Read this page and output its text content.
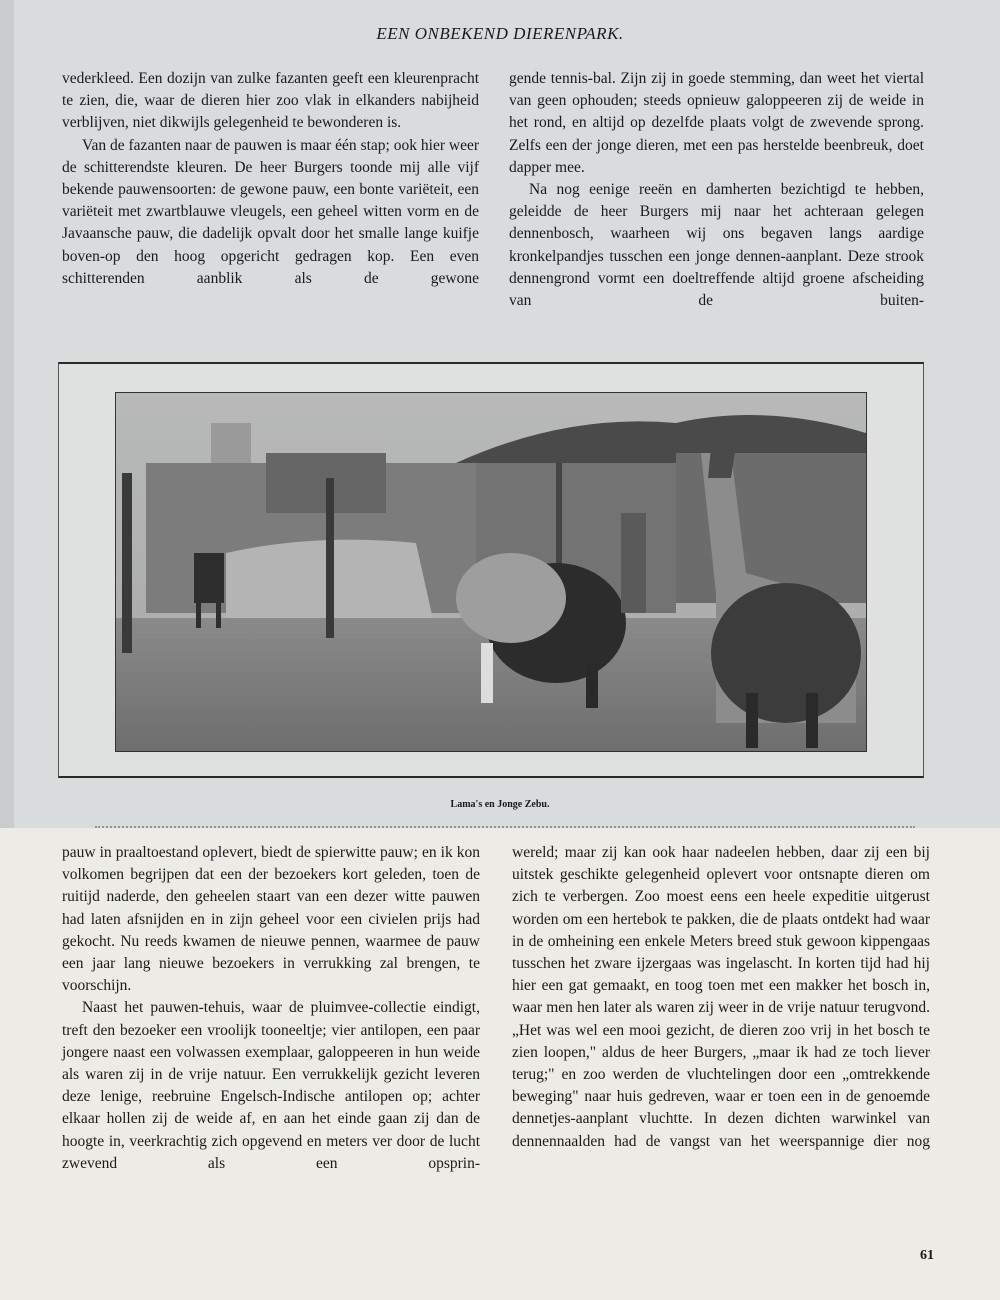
EEN ONBEKEND DIERENPARK.

vederkleed. Een dozijn van zulke fazanten geeft een kleurenpracht te zien, die, waar de dieren hier zoo vlak in elkanders nabijheid verblijven, niet dikwijls gelegenheid te bewonderen is.

Van de fazanten naar de pauwen is maar één stap; ook hier weer de schitterendste kleuren. De heer Burgers toonde mij alle vijf bekende pauwensoorten: de gewone pauw, een bonte variëteit, een variëteit met zwartblauwe vleugels, een geheel witten vorm en de Javaansche pauw, die dadelijk opvalt door het smalle lange kuifje boven-op den hoog opgericht gedragen kop. Een even schitterenden aanblik als de gewone

gende tennis-bal. Zijn zij in goede stemming, dan weet het viertal van geen ophouden; steeds opnieuw galoppeeren zij de weide in het rond, en altijd op dezelfde plaats volgt de zwevende sprong. Zelfs een der jonge dieren, met een pas herstelde beenbreuk, doet dapper mee.

Na nog eenige reeën en damherten bezichtigd te hebben, geleidde de heer Burgers mij naar het achteraan gelegen dennenbosch, waarheen wij ons begaven langs aardige kronkelpandjes tusschen een jonge dennen-aanplant. Deze strook dennengrond vormt een doeltreffende altijd groene afscheiding van de buiten-

Lama's en Jonge Zebu.

pauw in praaltoestand oplevert, biedt de spierwitte pauw; en ik kon volkomen begrijpen dat een der bezoekers kort geleden, toen de ruitijd naderde, den geheelen staart van een dezer witte pauwen had laten afsnijden en in zijn geheel voor een civielen prijs had gekocht. Nu reeds kwamen de nieuwe pennen, waarmee de pauw een jaar lang nieuwe bezoekers in verrukking zal brengen, te voorschijn.

Naast het pauwen-tehuis, waar de pluimvee-collectie eindigt, treft den bezoeker een vroolijk tooneeltje; vier antilopen, een paar jongere naast een volwassen exemplaar, galoppeeren in hun weide als waren zij in de vrije natuur. Een verrukkelijk gezicht leveren deze lenige, reebruine Engelsch-Indische antilopen op; achter elkaar hollen zij de weide af, en aan het einde gaan zij dan de hoogte in, veerkrachtig zich opgevend en meters ver door de lucht zwevend als een opsprin-

wereld; maar zij kan ook haar nadeelen hebben, daar zij een bij uitstek geschikte gelegenheid oplevert voor ontsnapte dieren om zich te verbergen. Zoo moest eens een heele expeditie uitgerust worden om een hertebok te pakken, die de plaats ontdekt had waar in de omheining een enkele Meters breed stuk gewoon kippengaas tusschen het zware ijzergaas was ingelascht. In korten tijd had hij hier een gat gemaakt, en toog toen met een makker het bosch in, waar men hen later als waren zij weer in de vrije natuur terugvond. „Het was wel een mooi gezicht, de dieren zoo vrij in het bosch te zien loopen," aldus de heer Burgers, „maar ik had ze toch liever terug;" en zoo werden de vluchtelingen door een „omtrekkende beweging" naar huis gedreven, waar er toen een in de genoemde dennetjes-aanplant vluchtte. In dezen dichten warwinkel van dennennaalden had de vangst van het weerspannige dier nog

61
